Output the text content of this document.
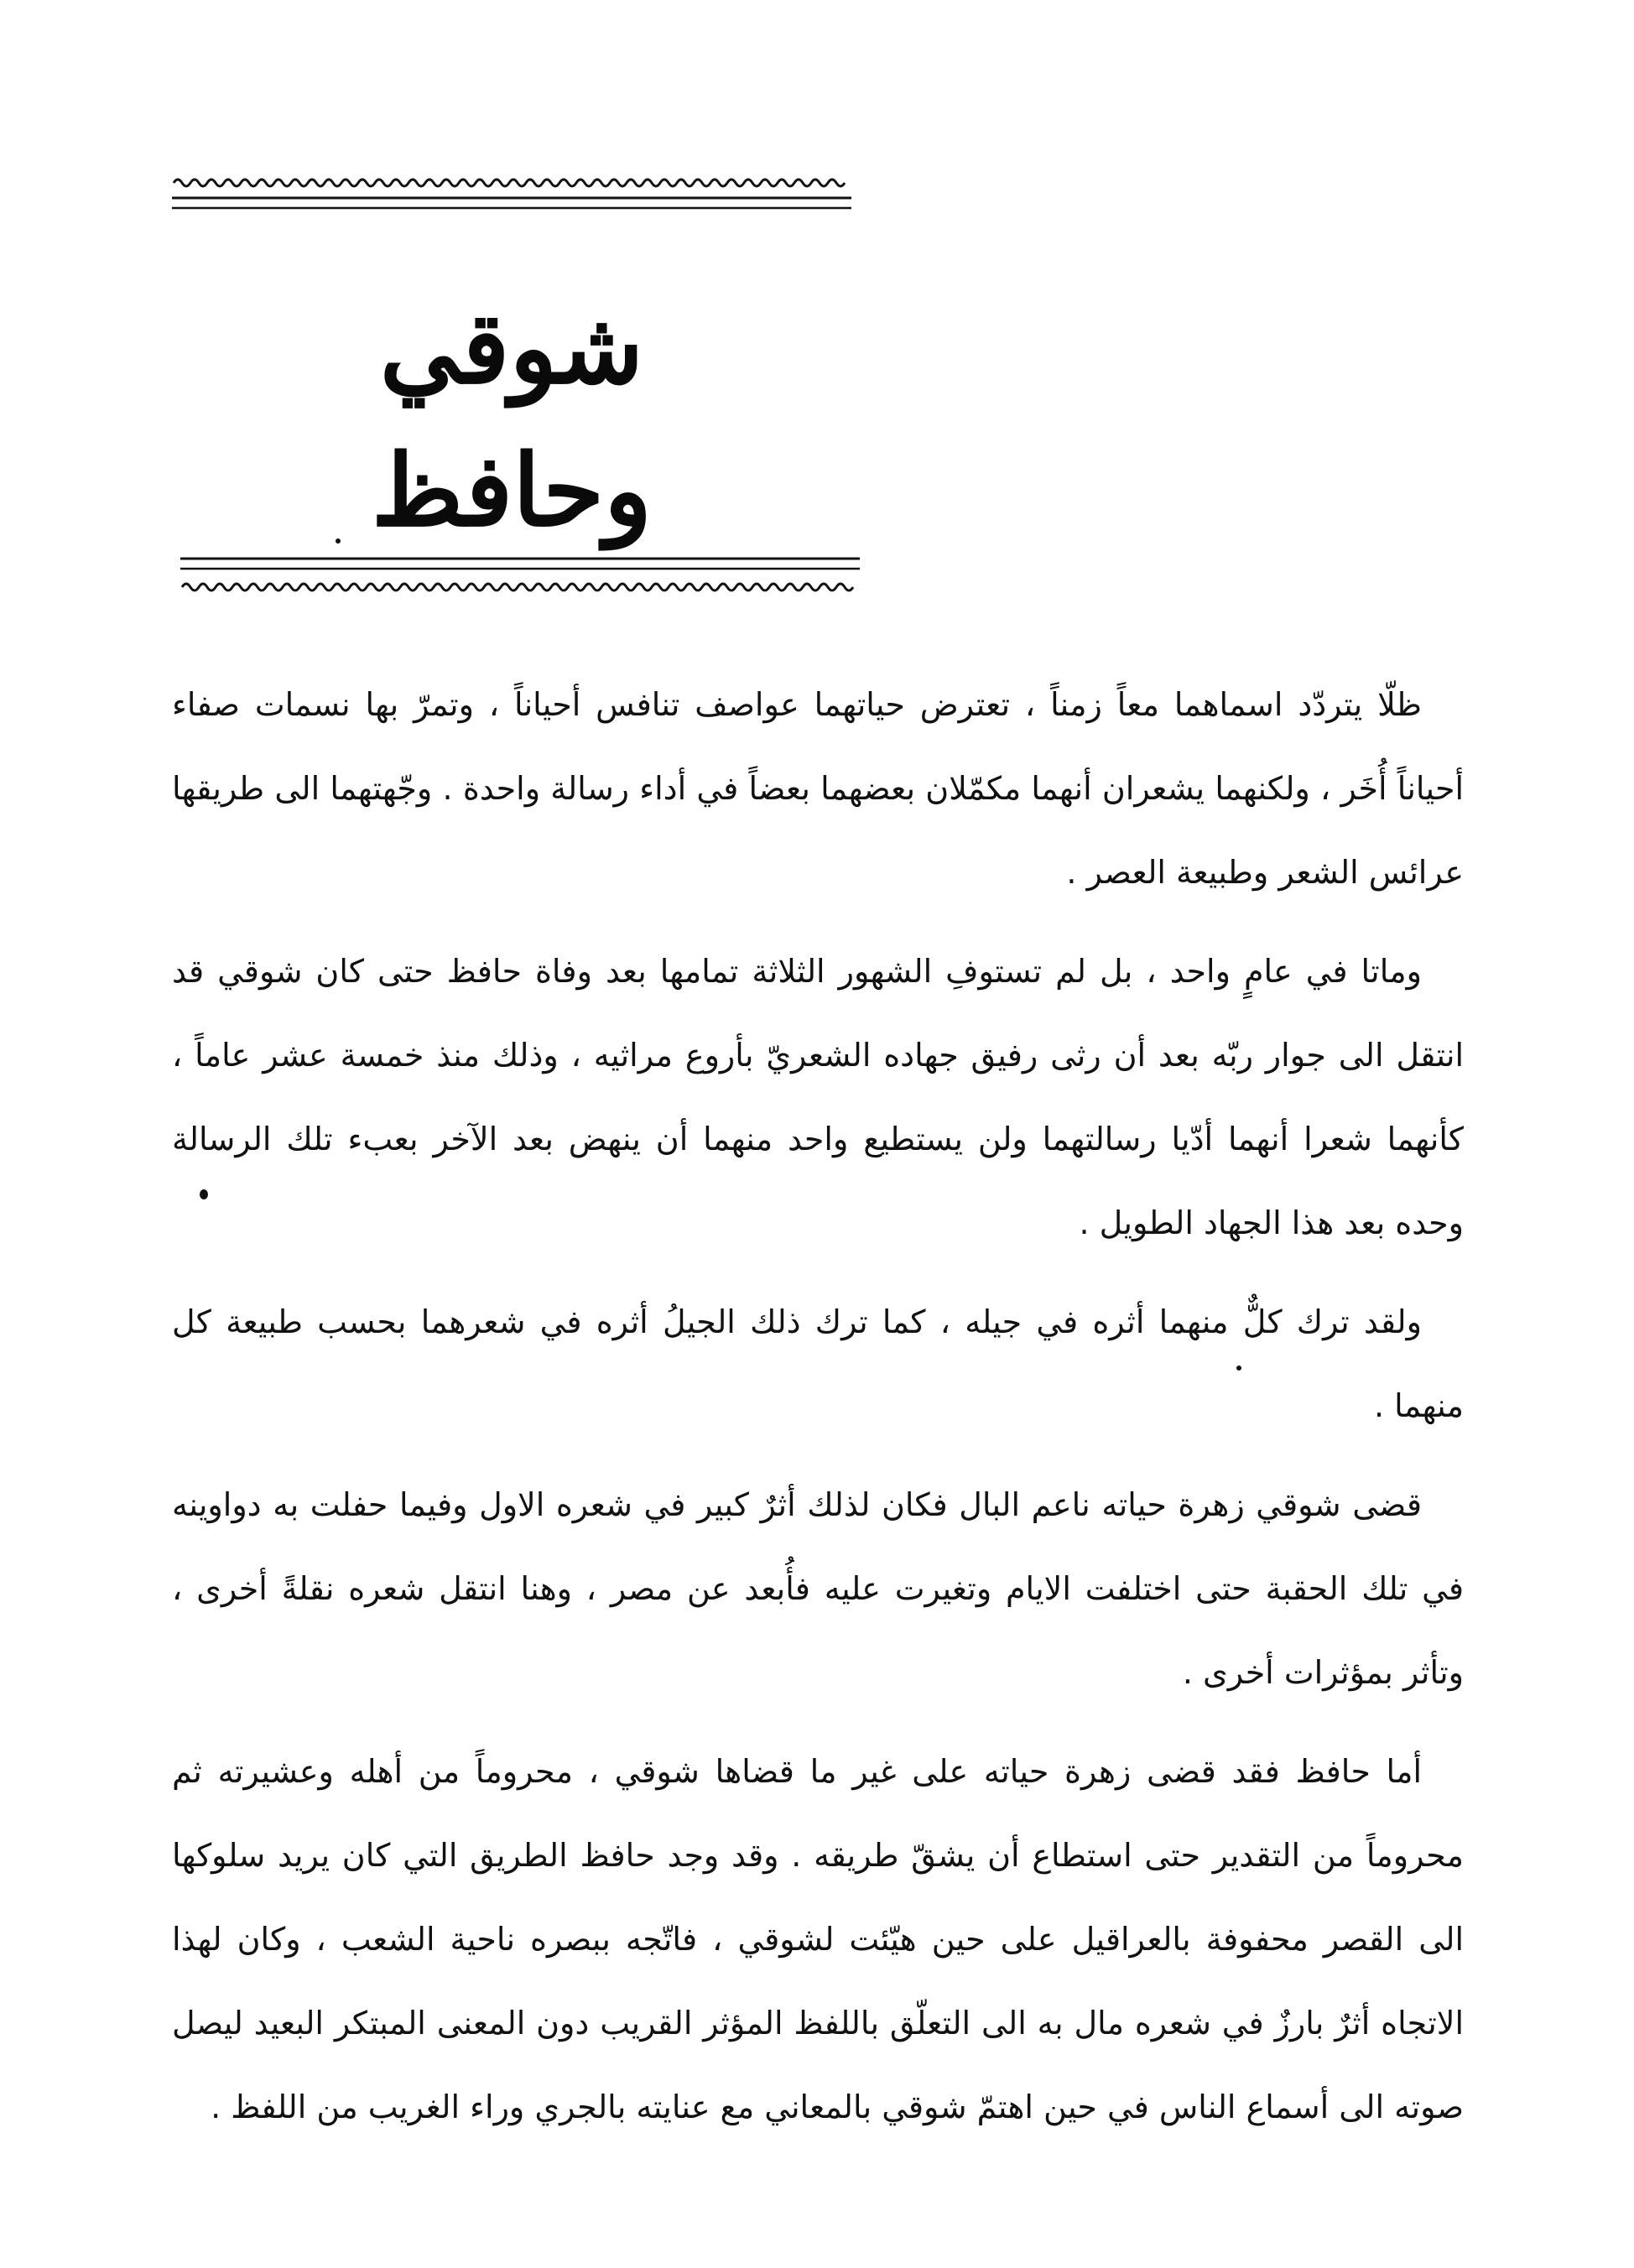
شوقي وحافظ

ظلّا يتردّد اسماهما معاً زمناً ، تعترض حياتهما عواصف تنافس أحياناً ، وتمرّ بها نسمات صفاء أحياناً أُخَر ، ولكنهما يشعران أنهما مكمّلان بعضهما بعضاً في أداء رسالة واحدة . وجّهتهما الى طريقها عرائس الشعر وطبيعة العصر .

وماتا في عامٍ واحد ، بل لم تستوفِ الشهور الثلاثة تمامها بعد وفاة حافظ حتى كان شوقي قد انتقل الى جوار ربّه بعد أن رثى رفيق جهاده الشعريّ بأروع مراثيه ، وذلك منذ خمسة عشر عاماً ، كأنهما شعرا أنهما أدّيا رسالتهما ولن يستطيع واحد منهما أن ينهض بعد الآخر بعبء تلك الرسالة وحده بعد هذا الجهاد الطويل .

ولقد ترك كلٌّ منهما أثره في جيله ، كما ترك ذلك الجيلُ أثره في شعرهما بحسب طبيعة كل منهما .

قضى شوقي زهرة حياته ناعم البال فكان لذلك أثرٌ كبير في شعره الاول وفيما حفلت به دواوينه في تلك الحقبة حتى اختلفت الايام وتغيرت عليه فأُبعد عن مصر ، وهنا انتقل شعره نقلةً أخرى ، وتأثر بمؤثرات أخرى .

أما حافظ فقد قضى زهرة حياته على غير ما قضاها شوقي ، محروماً من أهله وعشيرته ثم محروماً من التقدير حتى استطاع أن يشقّ طريقه . وقد وجد حافظ الطريق التي كان يريد سلوكها الى القصر محفوفة بالعراقيل على حين هيّئت لشوقي ، فاتّجه ببصره ناحية الشعب ، وكان لهذا الاتجاه أثرٌ بارزٌ في شعره مال به الى التعلّق باللفظ المؤثر القريب دون المعنى المبتكر البعيد ليصل صوته الى أسماع الناس في حين اهتمّ شوقي بالمعاني مع عنايته بالجري وراء الغريب من اللفظ .
